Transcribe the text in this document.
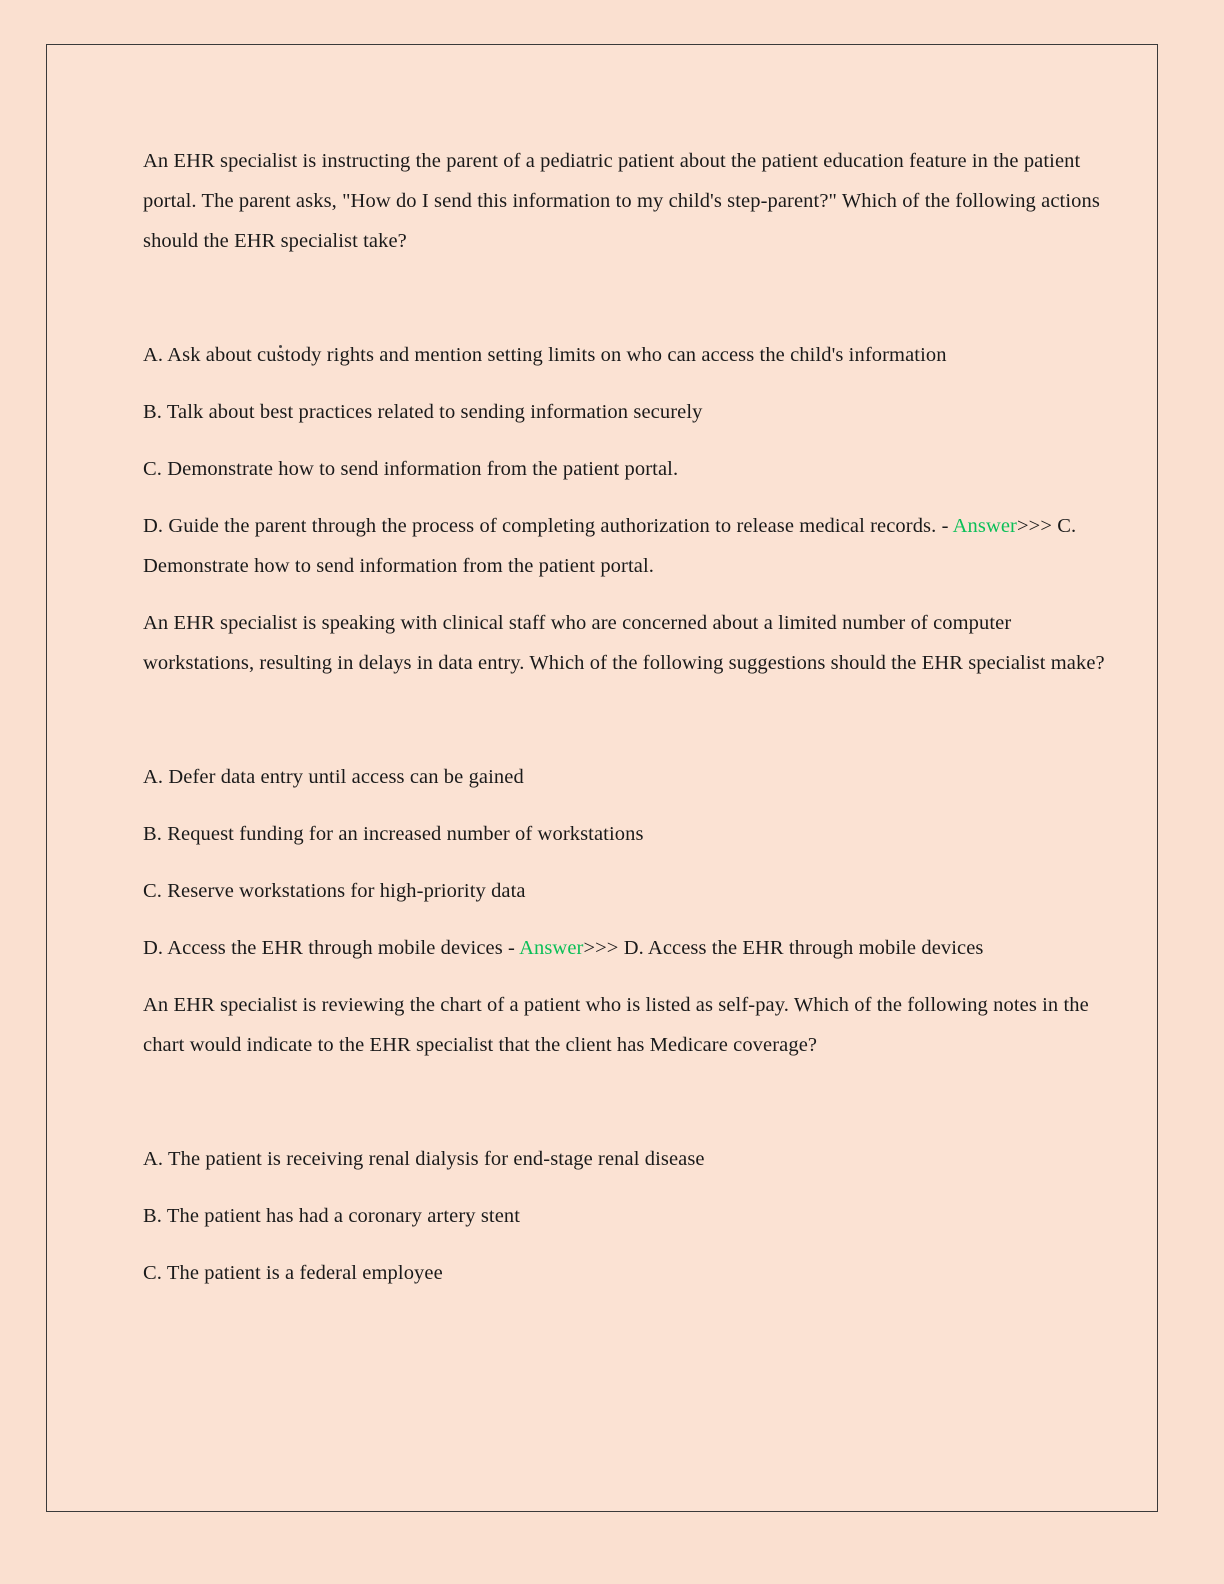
An EHR specialist is instructing the parent of a pediatric patient about the patient education feature in the patient portal. The parent asks, "How do I send this information to my child's step-parent?" Which of the following actions should the EHR specialist take?

A. Ask about custody rights and mention setting limits on who can access the child's information

B. Talk about best practices related to sending information securely

C. Demonstrate how to send information from the patient portal.

D. Guide the parent through the process of completing authorization to release medical records. - Answer>>> C. Demonstrate how to send information from the patient portal.

An EHR specialist is speaking with clinical staff who are concerned about a limited number of computer workstations, resulting in delays in data entry. Which of the following suggestions should the EHR specialist make?

A. Defer data entry until access can be gained

B. Request funding for an increased number of workstations

C. Reserve workstations for high-priority data

D. Access the EHR through mobile devices - Answer>>> D. Access the EHR through mobile devices

An EHR specialist is reviewing the chart of a patient who is listed as self-pay. Which of the following notes in the chart would indicate to the EHR specialist that the client has Medicare coverage?

A. The patient is receiving renal dialysis for end-stage renal disease

B. The patient has had a coronary artery stent

C. The patient is a federal employee
